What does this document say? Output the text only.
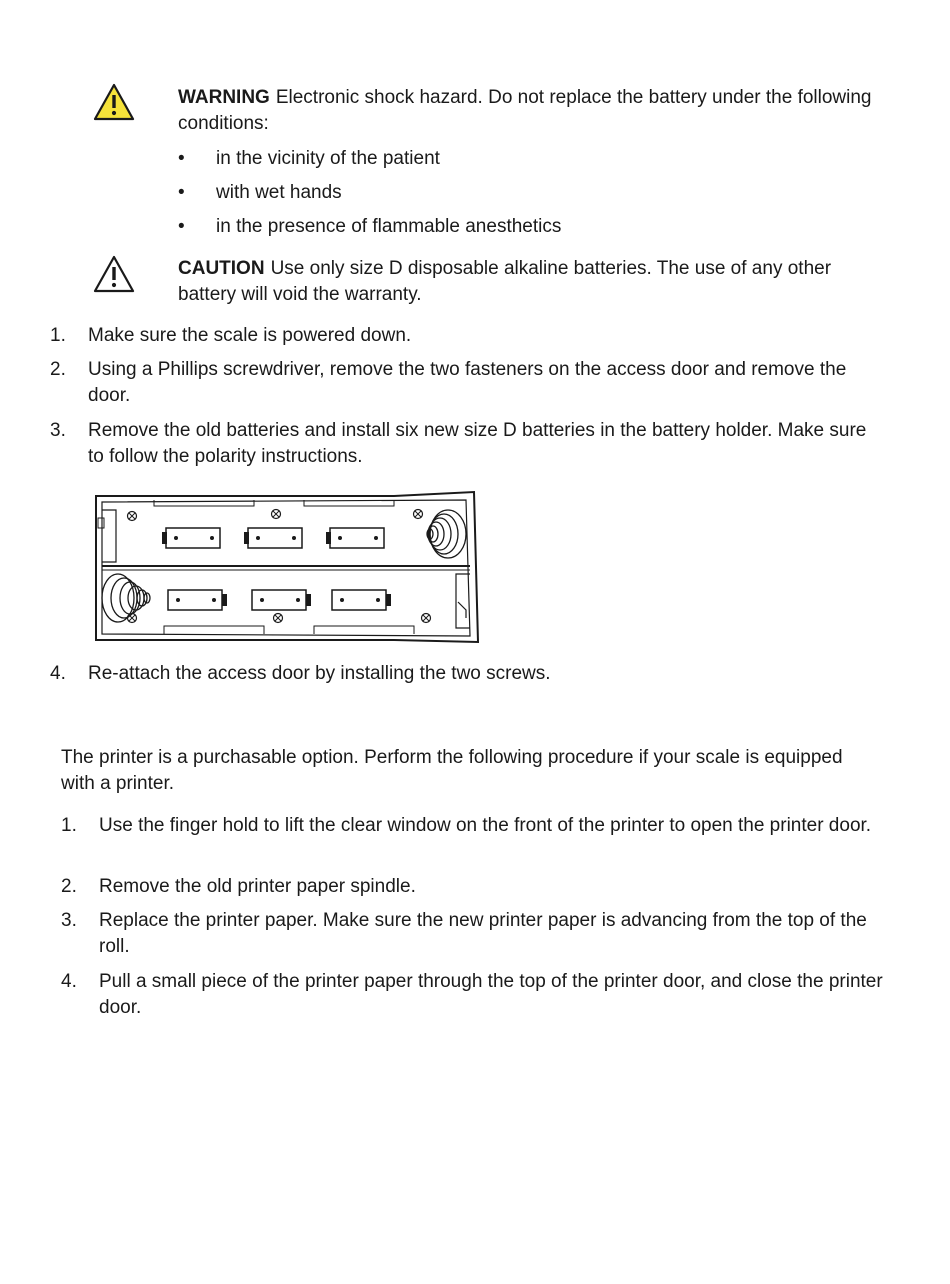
WARNING Electronic shock hazard. Do not replace the battery under the following conditions:
•	in the vicinity of the patient
•	with wet hands
•	in the presence of flammable anesthetics
CAUTION Use only size D disposable alkaline batteries. The use of any other battery will void the warranty.
1. Make sure the scale is powered down.
2. Using a Phillips screwdriver, remove the two fasteners on the access door and remove the door.
3. Remove the old batteries and install six new size D batteries in the battery holder. Make sure to follow the polarity instructions.
4. Re-attach the access door by installing the two screws.
The printer is a purchasable option. Perform the following procedure if your scale is equipped with a printer.
1. Use the finger hold to lift the clear window on the front of the printer to open the printer door.
2. Remove the old printer paper spindle.
3. Replace the printer paper. Make sure the new printer paper is advancing from the top of the roll.
4. Pull a small piece of the printer paper through the top of the printer door, and close the printer door.
